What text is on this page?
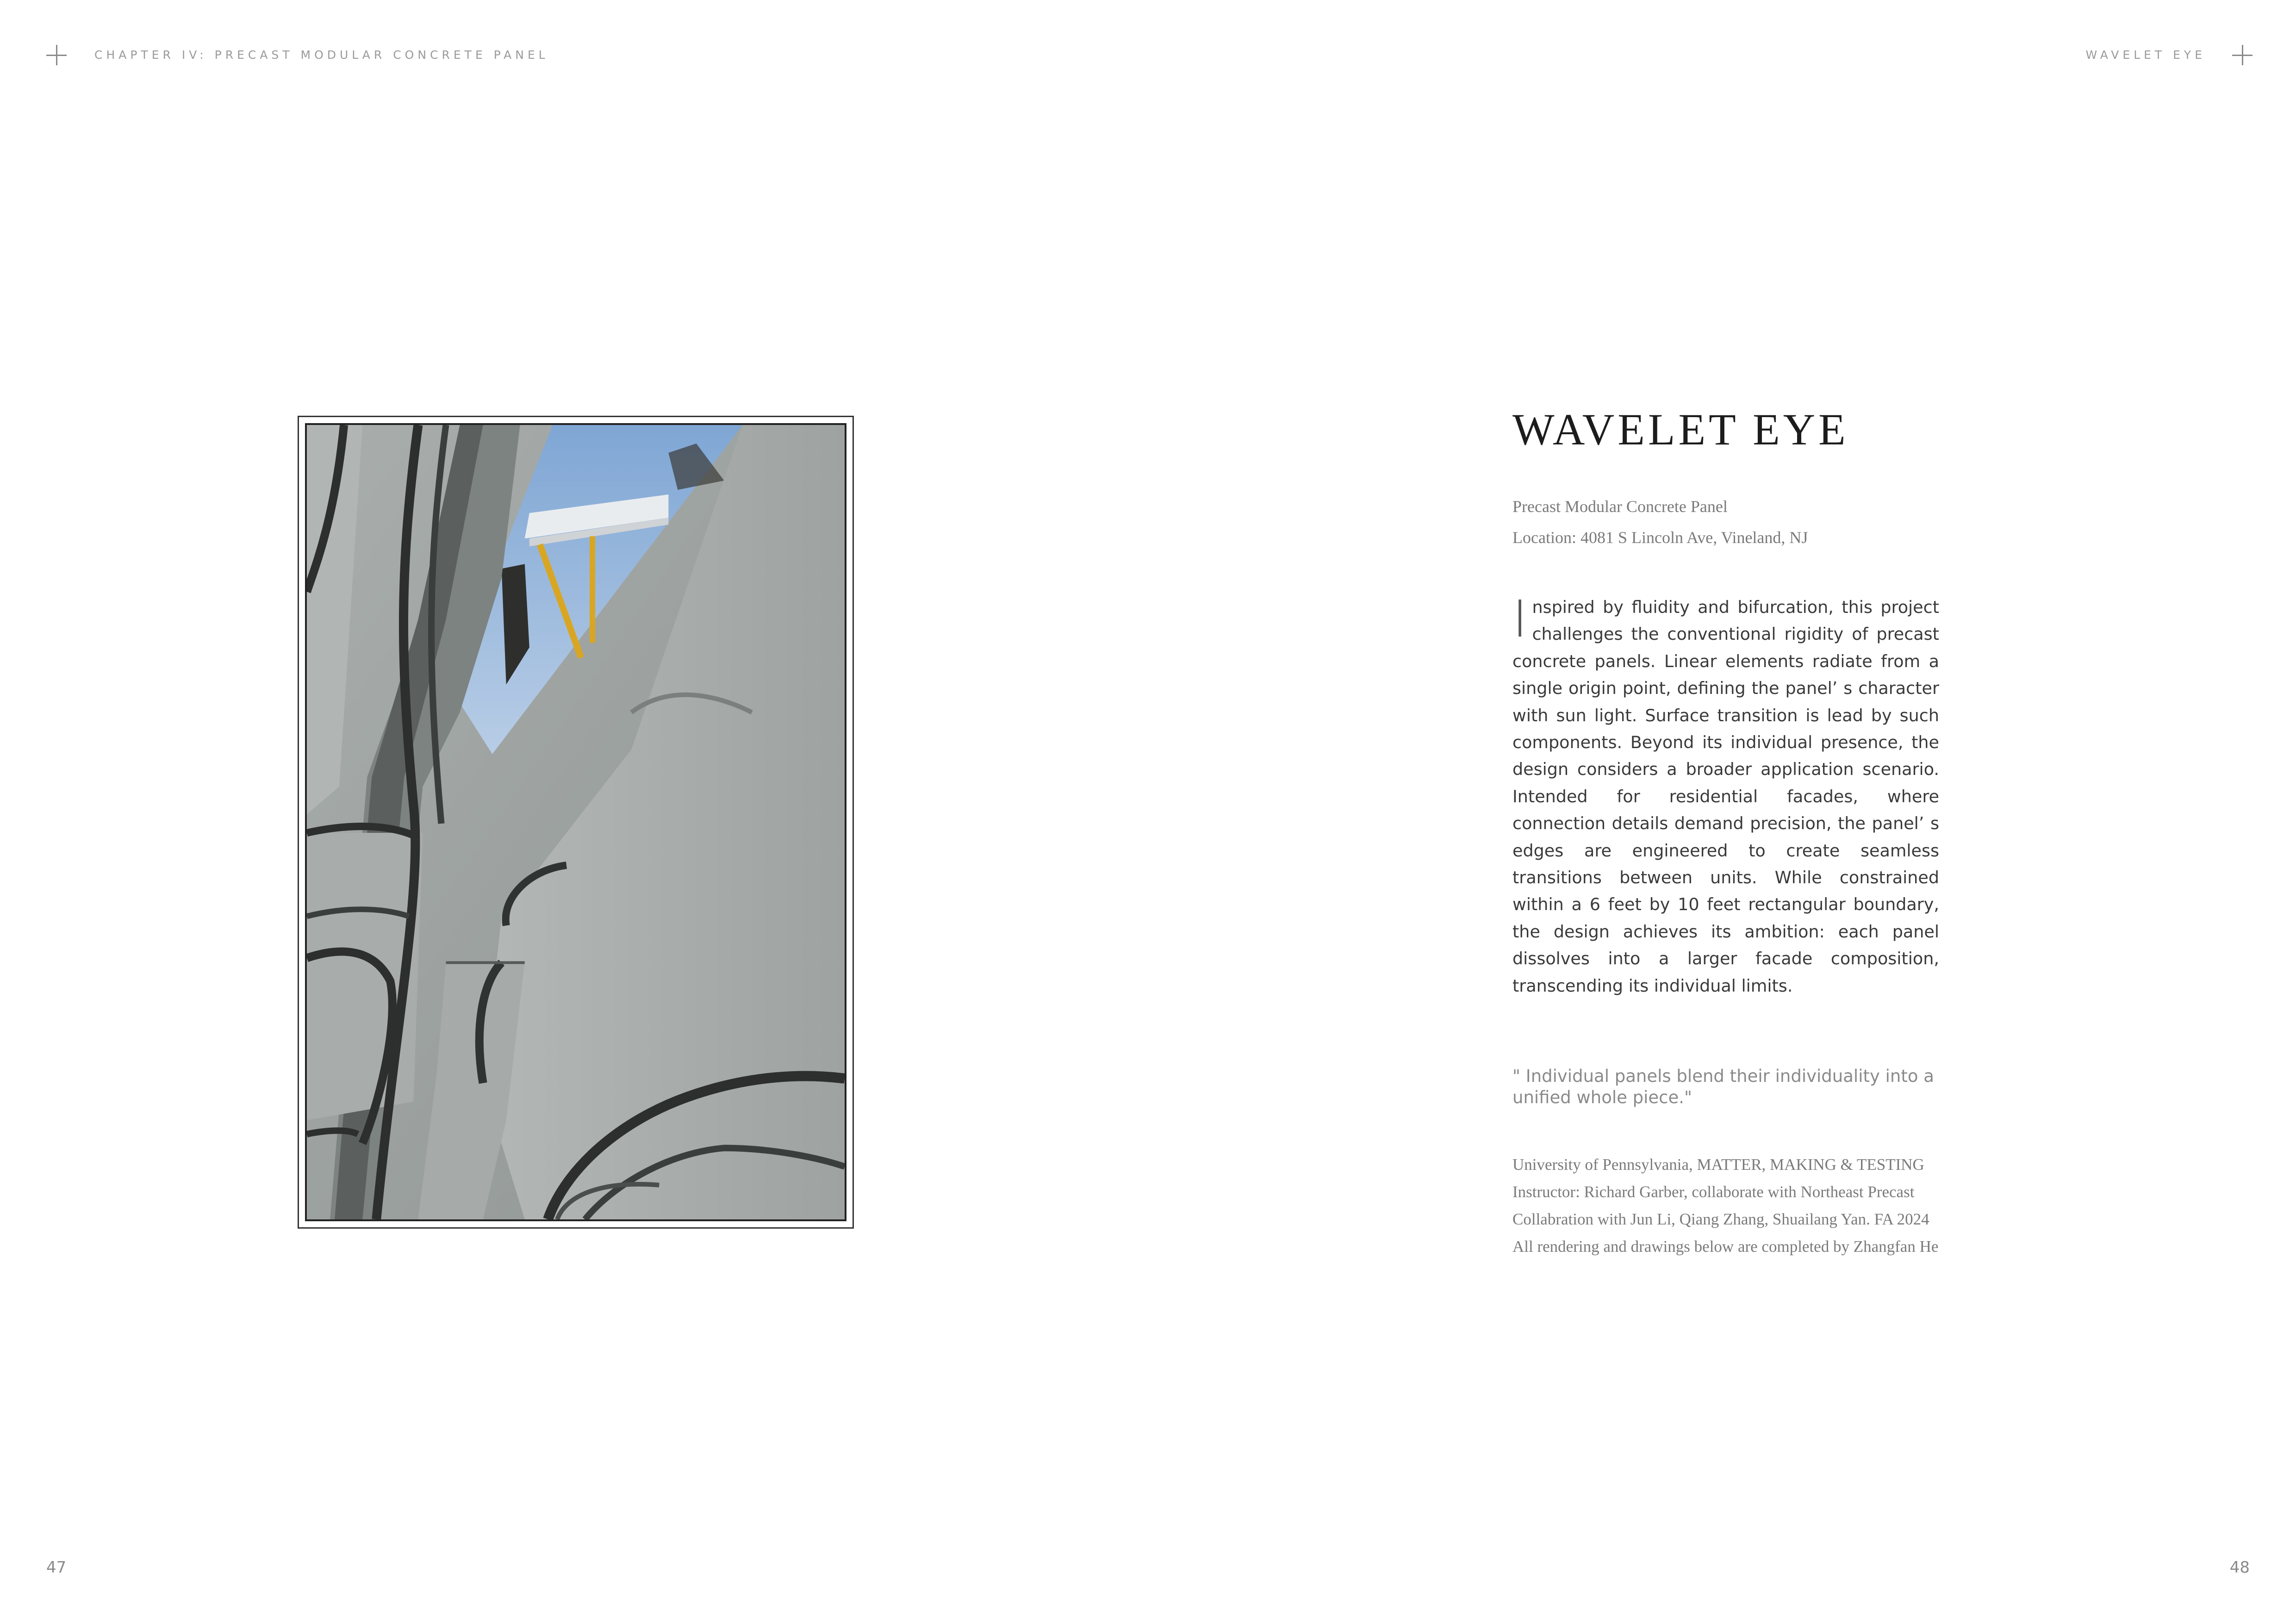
CHAPTER IV: PRECAST MODULAR CONCRETE PANEL	WAVELET EYE
WAVELET EYE
Precast Modular Concrete Panel
Location: 4081 S Lincoln Ave, Vineland, NJ

Inspired by fluidity and bifurcation, this project challenges the conventional rigidity of precast concrete panels. Linear elements radiate from a single origin point, defining the panel’ s character with sun light. Surface transition is lead by such components. Beyond its individual presence, the design considers a broader application scenario. Intended for residential facades, where connection details demand precision, the panel’ s edges are engineered to create seamless transitions between units. While constrained within a 6 feet by 10 feet rectangular boundary, the design achieves its ambition: each panel dissolves into a larger facade composition, transcending its individual limits.

" Individual panels blend their individuality into a unified whole piece."

University of Pennsylvania, MATTER, MAKING & TESTING
Instructor: Richard Garber, collaborate with Northeast Precast
Collabration with Jun Li, Qiang Zhang, Shuailang Yan. FA 2024
All rendering and drawings below are completed by Zhangfan He
47	48
